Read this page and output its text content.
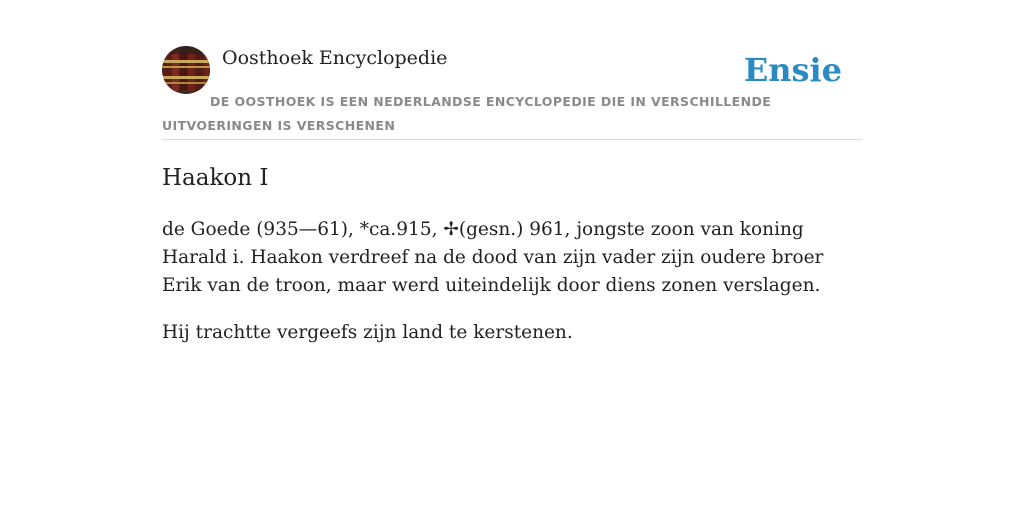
Oosthoek Encyclopedie	Ensie
DE OOSTHOEK IS EEN NEDERLANDSE ENCYCLOPEDIE DIE IN VERSCHILLENDE UITVOERINGEN IS VERSCHENEN
Haakon I

de Goede (935—61), *ca.915, ✢(gesn.) 961, jongste zoon van koning Harald i. Haakon verdreef na de dood van zijn vader zijn oudere broer Erik van de troon, maar werd uiteindelijk door diens zonen verslagen.

Hij trachtte vergeefs zijn land te kerstenen.
